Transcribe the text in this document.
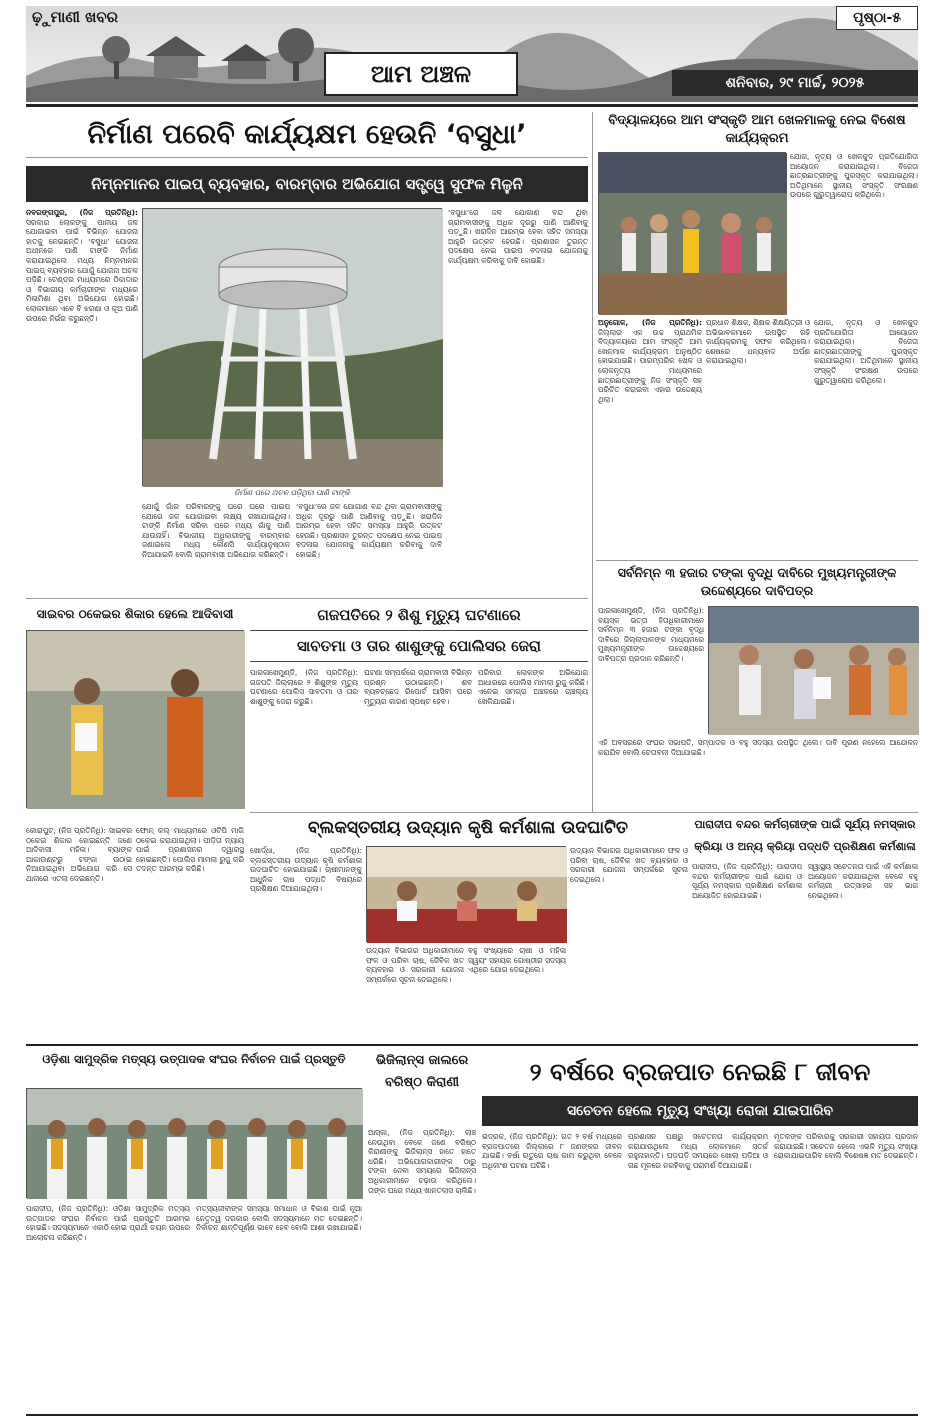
ଢ଼ୁମାଣୀ ଖବର
ଆମ ଅଞ୍ଚଳ
ପୃଷ୍ଠା-୫
ଶନିବାର, ୨୯ ମାର୍ଚ୍ଚ, ୨୦୨୫
ନିର୍ମାଣ ପରେବି କାର୍ଯ୍ୟକ୍ଷମ ହେଉନି ‘ବସୁଧା’
ନିମ୍ନମାନର ପାଇପ୍ ବ୍ୟବହାର, ବାରମ୍ବାର ଅଭିଯୋଗ ସତ୍ତ୍ୱେ ସୁଫଳ ମିଳୁନି

ନବରଙ୍ଗପୁର, (ନିଜ ପ୍ରତିନିଧି): ସରକାର ଲୋକଙ୍କୁ ପାନୀୟ ଜଳ ଯୋଗାଇବା ପାଇଁ ବିଭିନ୍ନ ଯୋଜନା ହାତକୁ ନେଇଛନ୍ତି। ‘ବସୁଧା’ ଯୋଜନା ଅଧୀନରେ ପାଣି ଟାଙ୍କି ନିର୍ମାଣ କରାଯାଇଥିଲେ ମଧ୍ୟ ନିମ୍ନମାନର ପାଇପ୍ ବ୍ୟବହାର ଯୋଗୁଁ ଯୋଜନା ଅଚଳ ପଡ଼ିଛି। ଟେଣ୍ଡର ମାଧ୍ୟମରେ ଠିକାଦାର ଓ ବିଭାଗୀୟ କର୍ମଚାରୀଙ୍କ ମଧ୍ୟରେ ମିଳାମିଶା ଥିବା ଅଭିଯୋଗ ହୋଇଛି। ଲୋକମାନେ ଏବେ ବି ଝରଣା ଓ କୂଅ ପାଣି ଉପରେ ନିର୍ଭର କରୁଛନ୍ତି।

ନିର୍ମାଣ ପରେ ଅଚଳ ପଡ଼ିଥିବା ପାଣି ଟାଙ୍କି
ଯୋଗୁଁ ଗାଁର ପରିବାରଙ୍କୁ ଘରେ ଘରେ ପାଇପ ଯୋଗେ ଜଳ ଯୋଗାଇବା ଲକ୍ଷ୍ୟ ରଖାଯାଇଥିଲା। ଟାଙ୍କି ନିର୍ମାଣ ସରିବା ପରେ ମଧ୍ୟ ଗାଁକୁ ପାଣି ଯାଉନାହିଁ। ବିଭାଗୀୟ ଅଧିକାରୀଙ୍କୁ ବାରମ୍ବାର ଜଣାଇଲେ ମଧ୍ୟ କୌଣସି କାର୍ଯ୍ୟାନୁଷ୍ଠାନ ନିଆଯାଇନି ବୋଲି ଗ୍ରାମବାସୀ ଅଭିଯୋଗ କରିଛନ୍ତି।
‘ବସୁଧା’ରେ ଜଳ ଯୋଗାଣ ବନ୍ଦ ଥିବା ଗ୍ରାମବାସୀଙ୍କୁ ଅଧିକ ଦୂରରୁ ପାଣି ଆଣିବାକୁ ପଡ଼ୁଛି। ଖରାଦିନ ଆରମ୍ଭ ହେବା ସହିତ ସମସ୍ୟା ଆହୁରି ଉତ୍କଟ ହେଉଛି। ପ୍ରଶାସନ ତୁରନ୍ତ ପଦକ୍ଷେପ ନେଇ ପାଇପ ବଦଳାଇ ଯୋଜନାକୁ କାର୍ଯ୍ୟକ୍ଷମ କରିବାକୁ ଦାବି ହୋଇଛି।
‘ବସୁଧା’ରେ ଜଳ ଯୋଗାଣ ବନ୍ଦ ଥିବା ଗ୍ରାମବାସୀଙ୍କୁ ଅଧିକ ଦୂରରୁ ପାଣି ଆଣିବାକୁ ପଡ଼ୁଛି। ଖରାଦିନ ଆରମ୍ଭ ହେବା ସହିତ ସମସ୍ୟା ଆହୁରି ଉତ୍କଟ ହେଉଛି। ପ୍ରଶାସନ ତୁରନ୍ତ ପଦକ୍ଷେପ ନେଇ ପାଇପ ବଦଳାଇ ଯୋଜନାକୁ କାର୍ଯ୍ୟକ୍ଷମ କରିବାକୁ ଦାବି ହୋଇଛି।
ବିଦ୍ୟାଳୟରେ ଆମ ସଂସ୍କୃତି ଆମ ଖେଳମାଳକୁ ନେଇ ବିଶେଷ କାର୍ଯ୍ୟକ୍ରମ
ଯୋଗ, ନୃତ୍ୟ ଓ ଖେଳକୁଦ ପ୍ରତିଯୋଗିତା ଆୟୋଜନ କରାଯାଇଥିଲା। ବିଜେତା ଛାତ୍ରଛାତ୍ରୀଙ୍କୁ ପୁରସ୍କୃତ କରାଯାଇଥିଲା। ଅତିଥିମାନେ ସ୍ଥାନୀୟ ସଂସ୍କୃତି ସଂରକ୍ଷଣ ଉପରେ ଗୁରୁତ୍ୱାରୋପ କରିଥିଲେ।

ଅନୁଗୋଳ, (ନିଜ ପ୍ରତିନିଧି): ଜିଲ୍ଲାର ଏକ ଉଚ୍ଚ ପ୍ରାଥମିକ ବିଦ୍ୟାଳୟରେ ଆମ ସଂସ୍କୃତି ଆମ ଖେଳମାଳ କାର୍ଯ୍ୟକ୍ରମ ଅନୁଷ୍ଠିତ ହୋଇଯାଇଛି। ପାରମ୍ପରିକ ଖେଳ ଓ ଲୋକନୃତ୍ୟ ମାଧ୍ୟମରେ ଛାତ୍ରଛାତ୍ରୀଙ୍କୁ ନିଜ ସଂସ୍କୃତି ସହ ପରିଚିତ କରାଇବା ଏହାର ଉଦ୍ଦେଶ୍ୟ ଥିଲା।

ପ୍ରଧାନ ଶିକ୍ଷକ, ଶିକ୍ଷକ ଶିକ୍ଷୟିତ୍ରୀ ଓ ଅଭିଭାବକମାନେ ଉପସ୍ଥିତ ରହି କାର୍ଯ୍ୟକ୍ରମକୁ ସଫଳ କରିଥିଲେ। ଶେଷରେ ଧନ୍ୟବାଦ ଅର୍ପଣ କରାଯାଇଥିଲା।
ଯୋଗ, ନୃତ୍ୟ ଓ ଖେଳକୁଦ ପ୍ରତିଯୋଗିତା ଆୟୋଜନ କରାଯାଇଥିଲା। ବିଜେତା ଛାତ୍ରଛାତ୍ରୀଙ୍କୁ ପୁରସ୍କୃତ କରାଯାଇଥିଲା। ଅତିଥିମାନେ ସ୍ଥାନୀୟ ସଂସ୍କୃତି ସଂରକ୍ଷଣ ଉପରେ ଗୁରୁତ୍ୱାରୋପ କରିଥିଲେ।
ସର୍ବନିମ୍ନ ୩ ହଜାର ଟଙ୍କା ବୃଦ୍ଧି ଦାବିରେ ମୁଖ୍ୟମନ୍ତ୍ରୀଙ୍କ ଉଦ୍ଦେଶ୍ୟରେ ଦାବିପତ୍ର
ପାରଳାଖେମୁଣ୍ଡି, (ନିଜ ପ୍ରତିନିଧି): ବୟସ୍କ ଭତ୍ତା ହିତାଧିକାରୀମାନେ ସର୍ବନିମ୍ନ ୩ ହଜାର ଟଙ୍କା ବୃଦ୍ଧି ଦାବିରେ ଜିଲ୍ଲାପାଳଙ୍କ ମାଧ୍ୟମରେ ମୁଖ୍ୟମନ୍ତ୍ରୀଙ୍କ ଉଦ୍ଦେଶ୍ୟରେ ଦାବିପତ୍ର ପ୍ରଦାନ କରିଛନ୍ତି।
ଏହି ଅବସରରେ ସଂଘର ସଭାପତି, ସମ୍ପାଦକ ଓ ବହୁ ସଦସ୍ୟ ଉପସ୍ଥିତ ଥିଲେ। ଦାବି ପୂରଣ ନହେଲେ ଆନ୍ଦୋଳନ କରାଯିବ ବୋଲି ଚେତାବନୀ ଦିଆଯାଇଛି।
ସାଇବର ଠକେଇର ଶିକାର ହେଲେ ଆଦିବାସୀ
କୋରାପୁଟ, (ନିଜ ପ୍ରତିନିଧି): ସାଇବର ଠକେଇ ଶିକାର ହୋଇଛନ୍ତି ଜଣେ ଆଦିବାସୀ ମହିଳା। ବ୍ୟାଙ୍କ ଆକାଉଣ୍ଟରୁ ଟଙ୍କା ଉଠାଇ ନିଆଯାଇଥିବା ଅଭିଯୋଗ କରି ସେ ଥାନାରେ ଏତଲା ଦେଇଛନ୍ତି।
ଫୋନ୍ କଲ୍ ମାଧ୍ୟମରେ ଓଟିପି ମାଗି ଠକେଇ କରାଯାଇଥିଲା। ପୀଡ଼ିତା ନ୍ୟାୟ ପାଇଁ ପ୍ରଶାସନର ଦ୍ୱାରସ୍ଥ ହୋଇଛନ୍ତି। ପୋଲିସ ମାମଲା ରୁଜୁ କରି ତଦନ୍ତ ଆରମ୍ଭ କରିଛି।
ଗଜପତିରେ ୨ ଶିଶୁ ମୃତ୍ୟୁ ଘଟଣାରେ
ସାବତମା ଓ ତାର ଶାଶୁଙ୍କୁ ପୋଲିସର ଜେରା
ପାରଳାଖେମୁଣ୍ଡି, (ନିଜ ପ୍ରତିନିଧି): ଗଜପତି ଜିଲ୍ଲାରେ ୨ ଶିଶୁଙ୍କ ମୃତ୍ୟୁ ଘଟଣାରେ ପୋଲିସ ସାବତମା ଓ ତାର ଶାଶୁଙ୍କୁ ଜେରା କରୁଛି।
ଘଟଣା ସମ୍ପର୍କରେ ଗ୍ରାମବାସୀ ବିଭିନ୍ନ ପ୍ରଶ୍ନ ଉଠାଇଛନ୍ତି। ଶବ ବ୍ୟବଚ୍ଛେଦ ରିପୋର୍ଟ ଆସିବା ପରେ ମୃତ୍ୟୁର କାରଣ ସ୍ପଷ୍ଟ ହେବ।
ପରିବାର ଲୋକଙ୍କ ଅଭିଯୋଗ ଆଧାରରେ ପୋଲିସ ମାମଲା ରୁଜୁ କରିଛି। ଏନେଇ ସମଗ୍ର ଅଞ୍ଚଳରେ ଚାଞ୍ଚଲ୍ୟ ଖେଳିଯାଇଛି।
ବ୍ଲକସ୍ତରୀୟ ଉଦ୍ୟାନ କୃଷି କର୍ମଶାଳା ଉଦଘାଟିତ
ଖୋର୍ଦ୍ଧା, (ନିଜ ପ୍ରତିନିଧି): ବ୍ଲକସ୍ତରୀୟ ଉଦ୍ୟାନ କୃଷି କର୍ମଶାଳା ଉଦଘାଟିତ ହୋଇଯାଇଛି। ଚାଷୀମାନଙ୍କୁ ଆଧୁନିକ ଚାଷ ପଦ୍ଧତି ବିଷୟରେ ପ୍ରଶିକ୍ଷଣ ଦିଆଯାଇଥିଲା।
ଉଦ୍ୟାନ ବିଭାଗର ଅଧିକାରୀମାନେ ଫଳ ଓ ପରିବା ଚାଷ, ଜୈବିକ ଖତ ବ୍ୟବହାର ଓ ସରକାରୀ ଯୋଜନା ସମ୍ପର୍କରେ ସୂଚନା ଦେଇଥିଲେ।
ବହୁ ସଂଖ୍ୟାରେ ଚାଷୀ ଓ ମହିଳା ସ୍ୱୟଂ ସହାୟକ ଗୋଷ୍ଠୀର ସଦସ୍ୟ ଏଥିରେ ଯୋଗ ଦେଇଥିଲେ।
ଉଦ୍ୟାନ ବିଭାଗର ଅଧିକାରୀମାନେ ଫଳ ଓ ପରିବା ଚାଷ, ଜୈବିକ ଖତ ବ୍ୟବହାର ଓ ସରକାରୀ ଯୋଜନା ସମ୍ପର୍କରେ ସୂଚନା ଦେଇଥିଲେ।
ପାରାଦୀପ ବନ୍ଦର କର୍ମଚାରୀଙ୍କ ପାଇଁ ସୂର୍ଯ୍ୟ ନମସ୍କାର
କ୍ରିୟା ଓ ଅନ୍ୟ କ୍ରିୟା ପଦ୍ଧତି ପ୍ରଶିକ୍ଷଣ କର୍ମଶାଳା
ପାରାଦୀପ, (ନିଜ ପ୍ରତିନିଧି): ପାରାଦୀପ ବନ୍ଦର କର୍ମଚାରୀଙ୍କ ପାଇଁ ଯୋଗ ଓ ସୂର୍ଯ୍ୟ ନମସ୍କାର ପ୍ରଶିକ୍ଷଣ କର୍ମଶାଳା ଆୟୋଜିତ ହୋଇଯାଇଛି।
ସ୍ୱାସ୍ଥ୍ୟ ସଚେତନତା ପାଇଁ ଏହି କର୍ମଶାଳା ଆୟୋଜନ କରାଯାଇଥିବା ବେଳେ ବହୁ କର୍ମଚାରୀ ଉତ୍ସାହର ସହ ଭାଗ ନେଇଥିଲେ।
ଓଡ଼ିଶା ସାମୁଦ୍ରିକ ମତ୍ସ୍ୟ ଉତ୍ପାଦକ ସଂଘର ନିର୍ବାଚନ ପାଇଁ ପ୍ରସ୍ତୁତି
ପାରାଦୀପ, (ନିଜ ପ୍ରତିନିଧି): ଓଡ଼ିଶା ସାମୁଦ୍ରିକ ମତ୍ସ୍ୟ ଉତ୍ପାଦକ ସଂଘର ନିର୍ବାଚନ ପାଇଁ ପ୍ରସ୍ତୁତି ଆରମ୍ଭ ହୋଇଛି। ସଦସ୍ୟମାନେ ଏକାଠି ହୋଇ ପ୍ରାର୍ଥୀ ଚୟନ ଉପରେ ଆଲୋଚନା କରିଛନ୍ତି।
ମତ୍ସ୍ୟଜୀବୀଙ୍କ ସମସ୍ୟା ସମାଧାନ ଓ ବିକାଶ ପାଇଁ ନୂଆ ନେତୃତ୍ୱ ଦରକାର ବୋଲି ସଦସ୍ୟମାନେ ମତ ଦେଇଛନ୍ତି। ନିର୍ବାଚନ ଶାନ୍ତିପୂର୍ଣ୍ଣ ଭାବେ ହେବ ବୋଲି ଆଶା ରଖାଯାଇଛି।
ଭିଜିଲାନ୍ସ ଜାଲରେ ବରିଷ୍ଠ କିରାଣୀ
ଆସ୍କା, (ନିଜ ପ୍ରତିନିଧି): ଲାଞ୍ଚ ନେଉଥିବା ବେଳେ ଜଣେ ବରିଷ୍ଠ କିରାଣୀଙ୍କୁ ଭିଜିଲାନ୍ସ ହାତେ ହାତେ ଧରିଛି। ଅଭିଯୋଗକାରୀଙ୍କ ଠାରୁ ଟଙ୍କା ନେବା ସମୟରେ ଭିଜିଲାନ୍ସ ଅଧିକାରୀମାନେ ଚଢ଼ାଉ କରିଥିଲେ। ତାଙ୍କ ଘରେ ମଧ୍ୟ ଖାନତଲାସ ଚାଲିଛି।
୨ ବର୍ଷରେ ବ୍ରଜପାତ ନେଇଛି ୮ ଜୀବନ
ସଚେତନ ହେଲେ ମୃତ୍ୟୁ ସଂଖ୍ୟା ରୋକା ଯାଇପାରିବ
ଭଦ୍ରକ, (ନିଜ ପ୍ରତିନିଧି): ଗତ ୨ ବର୍ଷ ମଧ୍ୟରେ ବ୍ରଜପାତରେ ଜିଲ୍ଲାରେ ୮ ଜଣଙ୍କର ଜୀବନ ଯାଇଛି। ବର୍ଷା ଋତୁରେ ଚାଷ କାମ କରୁଥିବା ବେଳେ ଅଧିକାଂଶ ଘଟଣା ଘଟିଛି।
ପ୍ରଶାସନ ପକ୍ଷରୁ ସଚେତନତା କାର୍ଯ୍ୟକ୍ରମ କରାଯାଉଥିଲେ ମଧ୍ୟ ଲୋକମାନେ ସତର୍କ ରହୁନାହାନ୍ତି। ଘଡ଼ଘଡ଼ି ସମୟରେ ଖୋଲା ପଡ଼ିଆ ଓ ଗଛ ମୂଳରେ ନରହିବାକୁ ପରାମର୍ଶ ଦିଆଯାଇଛି।
ମୃତକଙ୍କ ପରିବାରକୁ ସରକାରୀ ସହାୟତା ପ୍ରଦାନ କରାଯାଇଛି। ସଚେତନ ହେଲେ ଏଭଳି ମୃତ୍ୟୁ ସଂଖ୍ୟା ରୋକାଯାଇପାରିବ ବୋଲି ବିଶେଷଜ୍ଞ ମତ ଦେଇଛନ୍ତି।
